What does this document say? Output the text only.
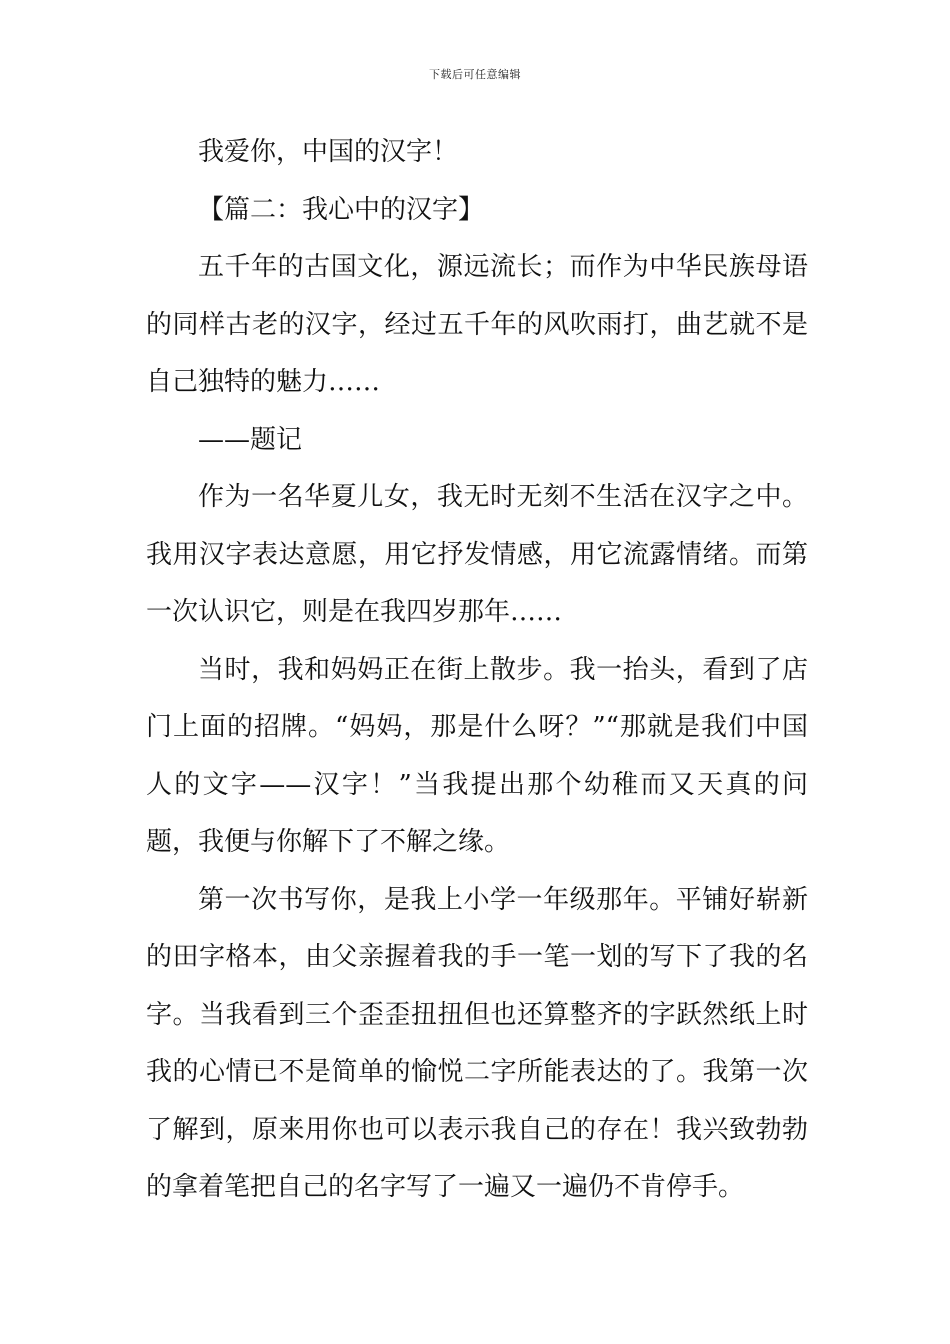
下载后可任意编辑

我爱你，中国的汉字！

【篇二：我心中的汉字】

五千年的古国文化，源远流长；而作为中华民族母语的同样古老的汉字，经过五千年的风吹雨打，曲艺就不是自己独特的魅力……

——题记

作为一名华夏儿女，我无时无刻不生活在汉字之中。我用汉字表达意愿，用它抒发情感，用它流露情绪。而第一次认识它，则是在我四岁那年……

当时，我和妈妈正在街上散步。我一抬头，看到了店门上面的招牌。“妈妈，那是什么呀？”“那就是我们中国人的文字——汉字！”当我提出那个幼稚而又天真的问题，我便与你解下了不解之缘。

第一次书写你，是我上小学一年级那年。平铺好崭新的田字格本，由父亲握着我的手一笔一划的写下了我的名字。当我看到三个歪歪扭扭但也还算整齐的字跃然纸上时我的心情已不是简单的愉悦二字所能表达的了。我第一次了解到，原来用你也可以表示我自己的存在！我兴致勃勃的拿着笔把自己的名字写了一遍又一遍仍不肯停手。
